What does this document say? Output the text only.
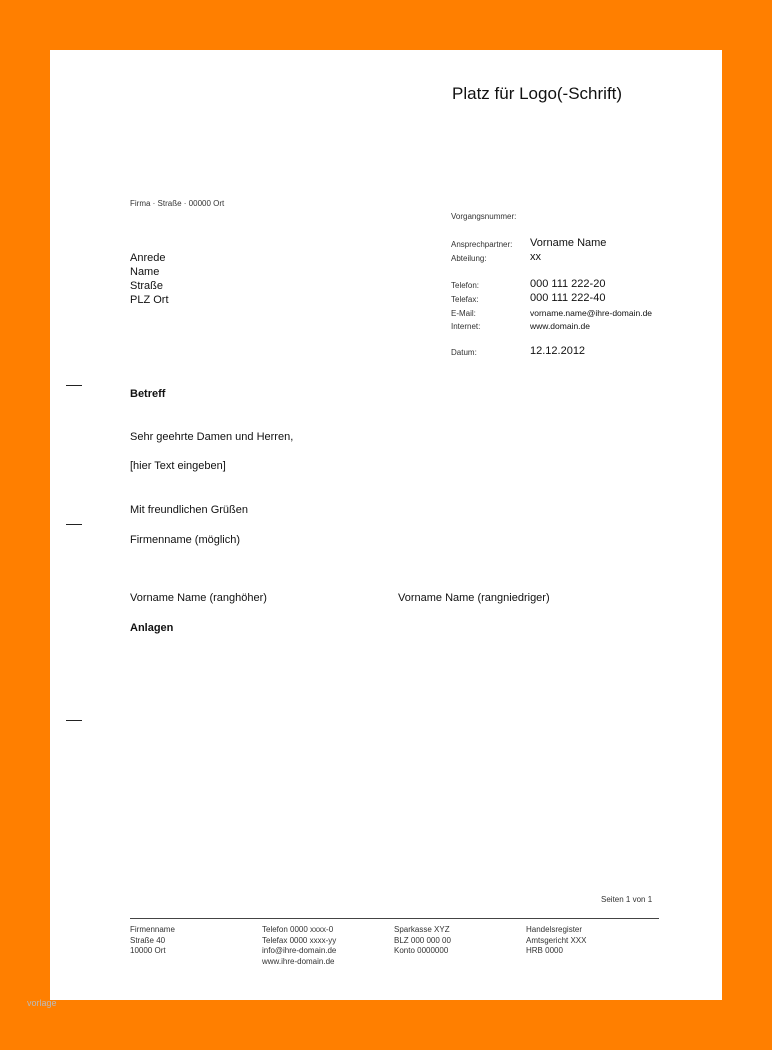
Platz für Logo(-Schrift)
Firma · Straße · 00000 Ort
Anrede
Name
Straße
PLZ Ort
Vorgangsnummer:
Ansprechpartner: Vorname Name
Abteilung:	xx
Telefon:	000 111 222-20
Telefax:	000 111 222-40
E-Mail:	vorname.name@ihre-domain.de
Internet:	www.domain.de
Datum:	12.12.2012
Betreff
Sehr geehrte Damen und Herren,
[hier Text eingeben]
Mit freundlichen Grüßen
Firmenname (möglich)
Vorname Name (ranghöher)	Vorname Name (rangniedriger)
Anlagen
Seiten 1 von 1
Firmenname
Straße 40
10000 Ort
Telefon 0000 xxxx-0
Telefax 0000 xxxx-yy
info@ihre-domain.de
www.ihre-domain.de
Sparkasse XYZ
BLZ 000 000 00
Konto 0000000
Handelsregister
Amtsgericht XXX
HRB 0000
vorlage
